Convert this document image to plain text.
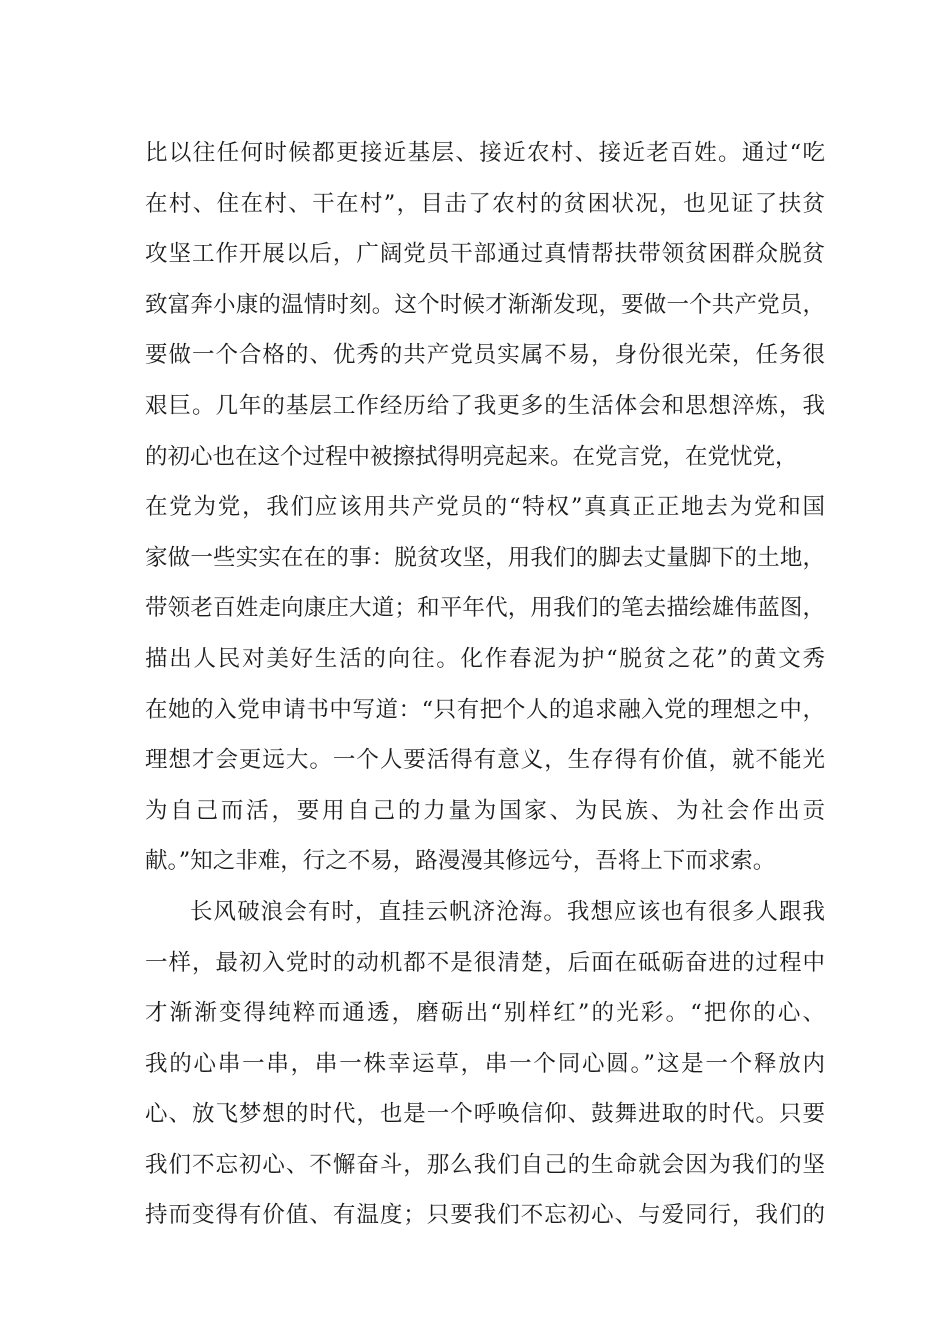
比以往任何时候都更接近基层、接近农村、接近老百姓。通过“吃
在村、住在村、干在村”，目击了农村的贫困状况，也见证了扶贫
攻坚工作开展以后，广阔党员干部通过真情帮扶带领贫困群众脱贫
致富奔小康的温情时刻。这个时候才渐渐发现，要做一个共产党员，
要做一个合格的、优秀的共产党员实属不易，身份很光荣，任务很
艰巨。几年的基层工作经历给了我更多的生活体会和思想淬炼，我
的初心也在这个过程中被擦拭得明亮起来。在党言党，在党忧党，
在党为党，我们应该用共产党员的“特权”真真正正地去为党和国
家做一些实实在在的事：脱贫攻坚，用我们的脚去丈量脚下的土地，
带领老百姓走向康庄大道；和平年代，用我们的笔去描绘雄伟蓝图，
描出人民对美好生活的向往。化作春泥为护“脱贫之花”的黄文秀
在她的入党申请书中写道：“只有把个人的追求融入党的理想之中，
理想才会更远大。一个人要活得有意义，生存得有价值，就不能光
为自己而活，要用自己的力量为国家、为民族、为社会作出贡
献。”知之非难，行之不易，路漫漫其修远兮，吾将上下而求索。
长风破浪会有时，直挂云帆济沧海。我想应该也有很多人跟我
一样，最初入党时的动机都不是很清楚，后面在砥砺奋进的过程中
才渐渐变得纯粹而通透，磨砺出“别样红”的光彩。“把你的心、
我的心串一串，串一株幸运草，串一个同心圆。”这是一个释放内
心、放飞梦想的时代，也是一个呼唤信仰、鼓舞进取的时代。只要
我们不忘初心、不懈奋斗，那么我们自己的生命就会因为我们的坚
持而变得有价值、有温度；只要我们不忘初心、与爱同行，我们的
